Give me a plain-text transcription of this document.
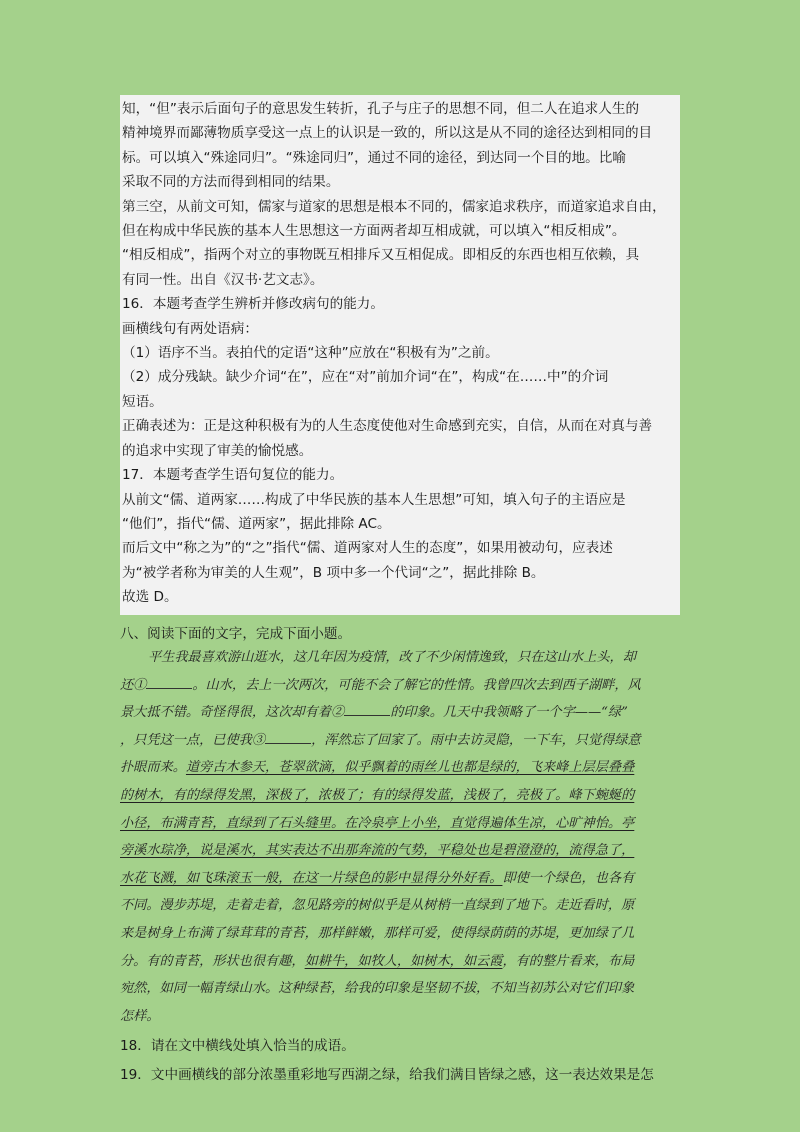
知，“但”表示后面句子的意思发生转折，孔子与庄子的思想不同，但二人在追求人生的

精神境界而鄙薄物质享受这一点上的认识是一致的，所以这是从不同的途径达到相同的目

标。可以填入“殊途同归”。“殊途同归”，通过不同的途径，到达同一个目的地。比喻

采取不同的方法而得到相同的结果。

第三空，从前文可知，儒家与道家的思想是根本不同的，儒家追求秩序，而道家追求自由，

但在构成中华民族的基本人生思想这一方面两者却互相成就，可以填入“相反相成”。

“相反相成”，指两个对立的事物既互相排斥又互相促成。即相反的东西也相互依赖，具

有同一性。出自《汉书·艺文志》。

16．本题考查学生辨析并修改病句的能力。

画横线句有两处语病：

（1）语序不当。表拍代的定语“这种”应放在“积极有为”之前。

（2）成分残缺。缺少介词“在”，应在“对”前加介词“在”，构成“在……中”的介词

短语。

正确表述为：正是这种积极有为的人生态度使他对生命感到充实，自信，从而在对真与善

的追求中实现了审美的愉悦感。

17．本题考查学生语句复位的能力。

从前文“儒、道两家……构成了中华民族的基本人生思想”可知，填入句子的主语应是

“他们”，指代“儒、道两家”，据此排除 AC。

而后文中“称之为”的“之”指代“儒、道两家对人生的态度”，如果用被动句，应表述

为“被学者称为审美的人生观”，B 项中多一个代词“之”，据此排除 B。

故选 D。

八、阅读下面的文字，完成下面小题。

平生我最喜欢游山逛水，这几年因为疫情，改了不少闲情逸致，只在这山水上头，却
还①	。山水，去上一次两次，可能不会了解它的性情。我曾四次去到西子湖畔，风
景大抵不错。奇怪得很，这次却有着②	的印象。几天中我领略了一个字——“绿”
，只凭这一点，已使我③	，浑然忘了回家了。雨中去访灵隐，一下车，只觉得绿意
扑眼而来。道旁古木参天，苍翠欲滴，似乎飘着的雨丝儿也都是绿的，飞来峰上层层叠叠
的树木，有的绿得发黑，深极了，浓极了；有的绿得发蓝，浅极了，亮极了。峰下蜿蜒的
小径，布满青苔，直绿到了石头缝里。在冷泉亭上小坐，直觉得遍体生凉，心旷神怡。亭
旁溪水琮净，说是溪水，其实表达不出那奔流的气势，平稳处也是碧澄澄的，流得急了，
水花飞溅，如飞珠滚玉一般，在这一片绿色的影中显得分外好看。即使一个绿色，也各有
不同。漫步苏堤，走着走着，忽见路旁的树似乎是从树梢一直绿到了地下。走近看时，原
来是树身上布满了绿茸茸的青苔，那样鲜嫩，那样可爱，使得绿荫荫的苏堤，更加绿了几
分。有的青苔，形状也很有趣，如耕牛，如牧人，如树木，如云霞，有的整片看来，布局
宛然，如同一幅青绿山水。这种绿苔，给我的印象是坚韧不拔，不知当初苏公对它们印象
怎样。

18．请在文中横线处填入恰当的成语。

19．文中画横线的部分浓墨重彩地写西湖之绿，给我们满目皆绿之感，这一表达效果是怎
